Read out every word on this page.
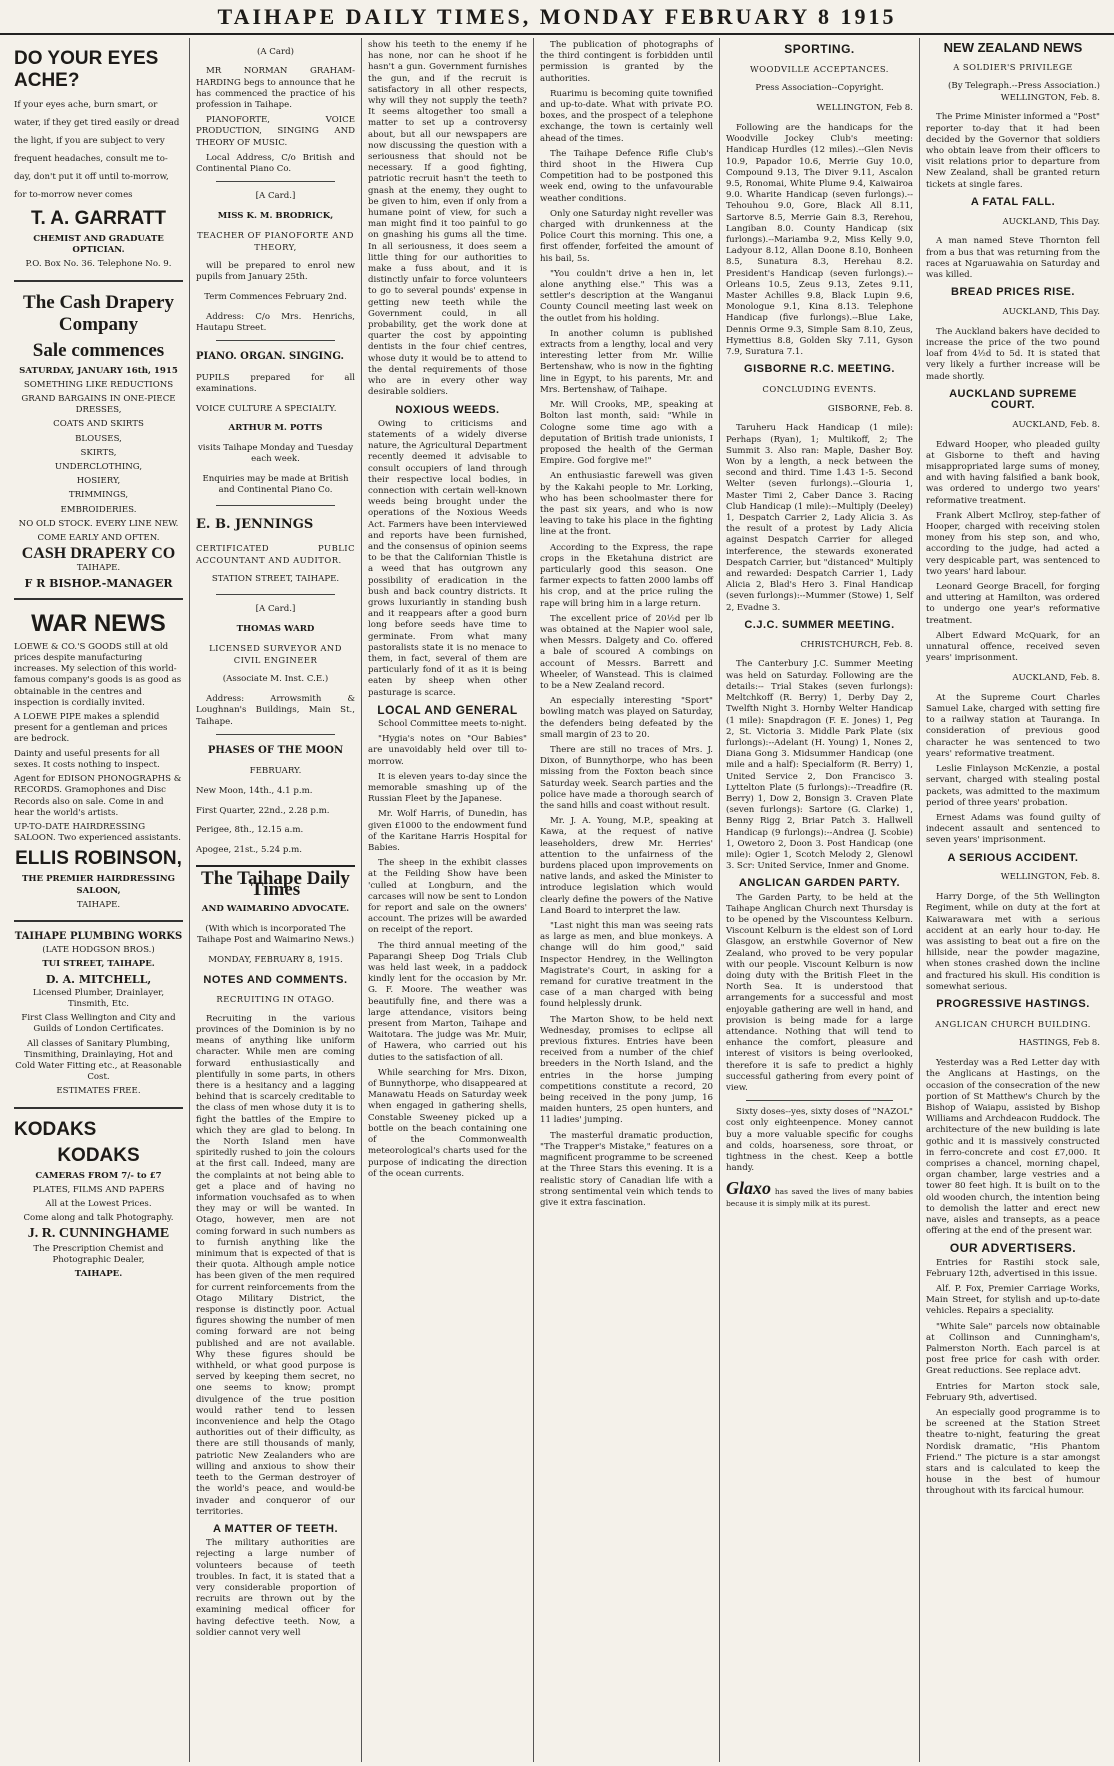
TAIHAPE DAILY TIMES, MONDAY FEBRUARY 8 1915
DO YOUR EYES ACHE?

If your eyes ache, burn smart, or water, if they get tired easily or dread the light, if you are subject to very frequent headaches, consult me to-day, don't put it off until to-morrow, for to-morrow never comes

T. A. GARRATT

CHEMIST AND GRADUATE OPTICIAN.

P.O. Box No. 36. Telephone No. 9.

The Cash Drapery Company
Sale commences

SATURDAY, JANUARY 16th, 1915

SOMETHING LIKE REDUCTIONS

GRAND BARGAINS IN ONE-PIECE DRESSES,

COATS AND SKIRTS

BLOUSES,

SKIRTS,

UNDERCLOTHING,

HOSIERY,

TRIMMINGS,

EMBROIDERIES.

NO OLD STOCK. EVERY LINE NEW.

COME EARLY AND OFTEN.

CASH DRAPERY CO

TAIHAPE.

F R BISHOP.-MANAGER

WAR NEWS

LOEWE & CO.'S GOODS still at old prices despite manufacturing increases. My selection of this world-famous company's goods is as good as obtainable in the centres and inspection is cordially invited.

A LOEWE PIPE makes a splendid present for a gentleman and prices are bedrock.

Dainty and useful presents for all sexes. It costs nothing to inspect.

Agent for EDISON PHONOGRAPHS & RECORDS. Gramophones and Disc Records also on sale. Come in and hear the world's artists.

UP-TO-DATE HAIRDRESSING SALOON. Two experienced assistants.

ELLIS ROBINSON,

THE PREMIER HAIRDRESSING SALOON,

TAIHAPE.

TAIHAPE PLUMBING WORKS

(LATE HODGSON BROS.)

TUI STREET, TAIHAPE.

D. A. MITCHELL,

Licensed Plumber, Drainlayer, Tinsmith, Etc.

First Class Wellington and City and Guilds of London Certificates.

All classes of Sanitary Plumbing, Tinsmithing, Drainlaying, Hot and Cold Water Fitting etc., at Reasonable Cost.

ESTIMATES FREE.

KODAKS
KODAKS

CAMERAS FROM 7/- to £7

PLATES, FILMS AND PAPERS

All at the Lowest Prices.

Come along and talk Photography.

J. R. CUNNINGHAME

The Prescription Chemist and Photographic Dealer,

TAIHAPE.

(A Card)

MR NORMAN GRAHAM-HARDING begs to announce that he has commenced the practice of his profession in Taihape.

PIANOFORTE, VOICE PRODUCTION, SINGING AND THEORY OF MUSIC.

Local Address, C/o British and Continental Piano Co.

[A Card.]

MISS K. M. BRODRICK,

TEACHER OF PIANOFORTE AND THEORY,

will be prepared to enrol new pupils from January 25th.

Term Commences February 2nd.

Address: C/o Mrs. Henrichs, Hautapu Street.

PIANO. ORGAN. SINGING.

PUPILS prepared for all examinations.

VOICE CULTURE A SPECIALTY.

ARTHUR M. POTTS

visits Taihape Monday and Tuesday each week.

Enquiries may be made at British and Continental Piano Co.

E. B. JENNINGS

CERTIFICATED PUBLIC ACCOUNTANT AND AUDITOR.

STATION STREET, TAIHAPE.

[A Card.]

THOMAS WARD

LICENSED SURVEYOR AND CIVIL ENGINEER

(Associate M. Inst. C.E.)

Address: Arrowsmith & Loughnan's Buildings, Main St., Taihape.

PHASES OF THE MOON

FEBRUARY.

New Moon, 14th., 4.1 p.m.

First Quarter, 22nd., 2.28 p.m.

Perigee, 8th., 12.15 a.m.

Apogee, 21st., 5.24 p.m.

The Taihape Daily Times

AND WAIMARINO ADVOCATE.

(With which is incorporated The Taihape Post and Waimarino News.)

MONDAY, FEBRUARY 8, 1915.

NOTES AND COMMENTS.

RECRUITING IN OTAGO.

Recruiting in the various provinces of the Dominion is by no means of anything like uniform character. While men are coming forward enthusiastically and plentifully in some parts, in others there is a hesitancy and a lagging behind that is scarcely creditable to the class of men whose duty it is to fight the battles of the Empire to which they are glad to belong. In the North Island men have spiritedly rushed to join the colours at the first call. Indeed, many are the complaints at not being able to get a place and of having no information vouchsafed as to when they may or will be wanted. In Otago, however, men are not coming forward in such numbers as to furnish anything like the minimum that is expected of that is their quota. Although ample notice has been given of the men required for current reinforcements from the Otago Military District, the response is distinctly poor. Actual figures showing the number of men coming forward are not being published and are not available. Why these figures should be withheld, or what good purpose is served by keeping them secret, no one seems to know; prompt divulgence of the true position would rather tend to lessen inconvenience and help the Otago authorities out of their difficulty, as there are still thousands of manly, patriotic New Zealanders who are willing and anxious to show their teeth to the German destroyer of the world's peace, and would-be invader and conqueror of our territories.

A MATTER OF TEETH.

The military authorities are rejecting a large number of volunteers because of teeth troubles. In fact, it is stated that a very considerable proportion of recruits are thrown out by the examining medical officer for having defective teeth. Now, a soldier cannot very well

show his teeth to the enemy if he has none, nor can he shoot if he hasn't a gun. Government furnishes the gun, and if the recruit is satisfactory in all other respects, why will they not supply the teeth? It seems altogether too small a matter to set up a controversy about, but all our newspapers are now discussing the question with a seriousness that should not be necessary. If a good fighting, patriotic recruit hasn't the teeth to gnash at the enemy, they ought to be given to him, even if only from a humane point of view, for such a man might find it too painful to go on gnashing his gums all the time. In all seriousness, it does seem a little thing for our authorities to make a fuss about, and it is distinctly unfair to force volunteers to go to several pounds' expense in getting new teeth while the Government could, in all probability, get the work done at quarter the cost by appointing dentists in the four chief centres, whose duty it would be to attend to the dental requirements of those who are in every other way desirable soldiers.

NOXIOUS WEEDS.

Owing to criticisms and statements of a widely diverse nature, the Agricultural Department recently deemed it advisable to consult occupiers of land through their respective local bodies, in connection with certain well-known weeds being brought under the operations of the Noxious Weeds Act. Farmers have been interviewed and reports have been furnished, and the consensus of opinion seems to be that the Californian Thistle is a weed that has outgrown any possibility of eradication in the bush and back country districts. It grows luxuriantly in standing bush and it reappears after a good burn long before seeds have time to germinate. From what many pastoralists state it is no menace to them, in fact, several of them are particularly fond of it as it is being eaten by sheep when other pasturage is scarce.

LOCAL AND GENERAL

School Committee meets to-night.

"Hygia's notes on "Our Babies" are unavoidably held over till to-morrow.

It is eleven years to-day since the memorable smashing up of the Russian Fleet by the Japanese.

Mr. Wolf Harris, of Dunedin, has given £1000 to the endowment fund of the Karitane Harris Hospital for Babies.

The sheep in the exhibit classes at the Feilding Show have been 'culled at Longburn, and the carcases will now be sent to London for report and sale on the owners' account. The prizes will be awarded on receipt of the report.

The third annual meeting of the Paparangi Sheep Dog Trials Club was held last week, in a paddock kindly lent for the occasion by Mr. G. F. Moore. The weather was beautifully fine, and there was a large attendance, visitors being present from Marton, Taihape and Waitotara. The judge was Mr. Muir, of Hawera, who carried out his duties to the satisfaction of all.

While searching for Mrs. Dixon, of Bunnythorpe, who disappeared at Manawatu Heads on Saturday week when engaged in gathering shells, Constable Sweeney picked up a bottle on the beach containing one of the Commonwealth meteorological's charts used for the purpose of indicating the direction of the ocean currents.

The publication of photographs of the third contingent is forbidden until permission is granted by the authorities.

Ruarimu is becoming quite townified and up-to-date. What with private P.O. boxes, and the prospect of a telephone exchange, the town is certainly well ahead of the times.

The Taihape Defence Rifle Club's third shoot in the Hiwera Cup Competition had to be postponed this week end, owing to the unfavourable weather conditions.

Only one Saturday night reveller was charged with drunkenness at the Police Court this morning. This one, a first offender, forfeited the amount of his bail, 5s.

"You couldn't drive a hen in, let alone anything else." This was a settler's description at the Wanganui County Council meeting last week on the outlet from his holding.

In another column is published extracts from a lengthy, local and very interesting letter from Mr. Willie Bertenshaw, who is now in the fighting line in Egypt, to his parents, Mr. and Mrs. Bertenshaw, of Taihape.

Mr. Will Crooks, MP., speaking at Bolton last month, said: "While in Cologne some time ago with a deputation of British trade unionists, I proposed the health of the German Empire. God forgive me!"

An enthusiastic farewell was given by the Kakahi people to Mr. Lorking, who has been schoolmaster there for the past six years, and who is now leaving to take his place in the fighting line at the front.

According to the Express, the rape crops in the Eketahuna district are particularly good this season. One farmer expects to fatten 2000 lambs off his crop, and at the price ruling the rape will bring him in a large return.

The excellent price of 20½d per lb was obtained at the Napier wool sale, when Messrs. Dalgety and Co. offered a bale of scoured A combings on account of Messrs. Barrett and Wheeler, of Wanstead. This is claimed to be a New Zealand record.

An especially interesting "Sport" bowling match was played on Saturday, the defenders being defeated by the small margin of 23 to 20.

There are still no traces of Mrs. J. Dixon, of Bunnythorpe, who has been missing from the Foxton beach since Saturday week. Search parties and the police have made a thorough search of the sand hills and coast without result.

Mr. J. A. Young, M.P., speaking at Kawa, at the request of native leaseholders, drew Mr. Herries' attention to the unfairness of the burdens placed upon improvements on native lands, and asked the Minister to introduce legislation which would clearly define the powers of the Native Land Board to interpret the law.

"Last night this man was seeing rats as large as men, and blue monkeys. A change will do him good," said Inspector Hendrey, in the Wellington Magistrate's Court, in asking for a remand for curative treatment in the case of a man charged with being found helplessly drunk.

The Marton Show, to be held next Wednesday, promises to eclipse all previous fixtures. Entries have been received from a number of the chief breeders in the North Island, and the entries in the horse jumping competitions constitute a record, 20 being received in the pony jump, 16 maiden hunters, 25 open hunters, and 11 ladies' jumping.

The masterful dramatic production, "The Trapper's Mistake," features on a magnificent programme to be screened at the Three Stars this evening. It is a realistic story of Canadian life with a strong sentimental vein which tends to give it extra fascination.

SPORTING.

WOODVILLE ACCEPTANCES.

Press Association--Copyright.

WELLINGTON, Feb 8.

Following are the handicaps for the Woodville Jockey Club's meeting: Handicap Hurdles (12 miles).--Glen Nevis 10.9, Papador 10.6, Merrie Guy 10.0, Compound 9.13, The Diver 9.11, Ascalon 9.5, Ronomai, White Plume 9.4, Kaiwairoa 9.0. Wharite Handicap (seven furlongs).--Tehouhou 9.0, Gore, Black All 8.11, Sartorve 8.5, Merrie Gain 8.3, Rerehou, Langiban 8.0. County Handicap (six furlongs).--Mariamba 9.2, Miss Kelly 9.0, Ladyour 8.12, Allan Doone 8.10, Bonheen 8.5, Sunatura 8.3, Herehau 8.2. President's Handicap (seven furlongs).--Orleans 10.5, Zeus 9.13, Zetes 9.11, Master Achilles 9.8, Black Lupin 9.6, Monologue 9.1, Kina 8.13. Telephone Handicap (five furlongs).--Blue Lake, Dennis Orme 9.3, Simple Sam 8.10, Zeus, Hymettius 8.8, Golden Sky 7.11, Gyson 7.9, Suratura 7.1.

GISBORNE R.C. MEETING.

CONCLUDING EVENTS.

GISBORNE, Feb. 8.

Taruheru Hack Handicap (1 mile): Perhaps (Ryan), 1; Multikoff, 2; The Summit 3. Also ran: Maple, Dasher Boy. Won by a length, a neck between the second and third. Time 1.43 1-5. Second Welter (seven furlongs).--Glouria 1, Master Timi 2, Caber Dance 3. Racing Club Handicap (1 mile):--Multiply (Deeley) 1, Despatch Carrier 2, Lady Alicia 3. As the result of a protest by Lady Alicia against Despatch Carrier for alleged interference, the stewards exonerated Despatch Carrier, but "distanced" Multiply and rewarded: Despatch Carrier 1, Lady Alicia 2, Blad's Hero 3. Final Handicap (seven furlongs):--Mummer (Stowe) 1, Self 2, Evadne 3.

C.J.C. SUMMER MEETING.

CHRISTCHURCH, Feb. 8.

The Canterbury J.C. Summer Meeting was held on Saturday. Following are the details:-- Trial Stakes (seven furlongs): Meltchkoff (R. Berry) 1, Derby Day 2, Twelfth Night 3. Hornby Welter Handicap (1 mile): Snapdragon (F. E. Jones) 1, Peg 2, St. Victoria 3. Middle Park Plate (six furlongs):--Adelant (H. Young) 1, Nones 2, Diana Gong 3. Midsummer Handicap (one mile and a half): Specialform (R. Berry) 1, United Service 2, Don Francisco 3. Lyttelton Plate (5 furlongs):--Treadfire (R. Berry) 1, Dow 2, Bonsign 3. Craven Plate (seven furlongs): Sartore (G. Clarke) 1, Benny Rigg 2, Briar Patch 3. Hallwell Handicap (9 furlongs):--Andrea (J. Scobie) 1, Owetoro 2, Doon 3. Post Handicap (one mile): Ogier 1, Scotch Melody 2, Glenowl 3. Scr: United Service, Inmer and Gnome.

ANGLICAN GARDEN PARTY.

The Garden Party, to be held at the Taihape Anglican Church next Thursday is to be opened by the Viscountess Kelburn. Viscount Kelburn is the eldest son of Lord Glasgow, an erstwhile Governor of New Zealand, who proved to be very popular with our people. Viscount Kelburn is now doing duty with the British Fleet in the North Sea. It is understood that arrangements for a successful and most enjoyable gathering are well in hand, and provision is being made for a large attendance. Nothing that will tend to enhance the comfort, pleasure and interest of visitors is being overlooked, therefore it is safe to predict a highly successful gathering from every point of view.

Sixty doses--yes, sixty doses of "NAZOL" cost only eighteenpence. Money cannot buy a more valuable specific for coughs and colds, hoarseness, sore throat, or tightness in the chest. Keep a bottle handy.

Glaxo has saved the lives of many babies because it is simply milk at its purest.

NEW ZEALAND NEWS

A SOLDIER'S PRIVILEGE

(By Telegraph.--Press Association.) WELLINGTON, Feb. 8.

The Prime Minister informed a "Post" reporter to-day that it had been decided by the Governor that soldiers who obtain leave from their officers to visit relations prior to departure from New Zealand, shall be granted return tickets at single fares.

A FATAL FALL.

AUCKLAND, This Day.

A man named Steve Thornton fell from a bus that was returning from the races at Ngaruawahia on Saturday and was killed.

BREAD PRICES RISE.

AUCKLAND, This Day.

The Auckland bakers have decided to increase the price of the two pound loaf from 4½d to 5d. It is stated that very likely a further increase will be made shortly.

AUCKLAND SUPREME COURT.

AUCKLAND, Feb. 8.

Edward Hooper, who pleaded guilty at Gisborne to theft and having misappropriated large sums of money, and with having falsified a bank book, was ordered to undergo two years' reformative treatment.

Frank Albert McIlroy, step-father of Hooper, charged with receiving stolen money from his step son, and who, according to the judge, had acted a very despicable part, was sentenced to two years' hard labour.

Leonard George Bracell, for forging and uttering at Hamilton, was ordered to undergo one year's reformative treatment.

Albert Edward McQuark, for an unnatural offence, received seven years' imprisonment.

AUCKLAND, Feb. 8.

At the Supreme Court Charles Samuel Lake, charged with setting fire to a railway station at Tauranga. In consideration of previous good character he was sentenced to two years' reformative treatment.

Leslie Finlayson McKenzie, a postal servant, charged with stealing postal packets, was admitted to the maximum period of three years' probation.

Ernest Adams was found guilty of indecent assault and sentenced to seven years' imprisonment.

A SERIOUS ACCIDENT.

WELLINGTON, Feb. 8.

Harry Dorge, of the 5th Wellington Regiment, while on duty at the fort at Kaiwarawara met with a serious accident at an early hour to-day. He was assisting to beat out a fire on the hillside, near the powder magazine, when stones crashed down the incline and fractured his skull. His condition is somewhat serious.

PROGRESSIVE HASTINGS.

ANGLICAN CHURCH BUILDING.

HASTINGS, Feb 8.

Yesterday was a Red Letter day with the Anglicans at Hastings, on the occasion of the consecration of the new portion of St Matthew's Church by the Bishop of Waiapu, assisted by Bishop Williams and Archdeacon Ruddock. The architecture of the new building is late gothic and it is massively constructed in ferro-concrete and cost £7,000. It comprises a chancel, morning chapel, organ chamber, large vestries and a tower 80 feet high. It is built on to the old wooden church, the intention being to demolish the latter and erect new nave, aisles and transepts, as a peace offering at the end of the present war.

OUR ADVERTISERS.

Entries for Rastihi stock sale, February 12th, advertised in this issue.

Alf. P. Fox, Premier Carriage Works, Main Street, for stylish and up-to-date vehicles. Repairs a speciality.

"White Sale" parcels now obtainable at Collinson and Cunningham's, Palmerston North. Each parcel is at post free price for cash with order. Great reductions. See replace advt.

Entries for Marton stock sale, February 9th, advertised.

An especially good programme is to be screened at the Station Street theatre to-night, featuring the great Nordisk dramatic, "His Phantom Friend." The picture is a star amongst stars and is calculated to keep the house in the best of humour throughout with its farcical humour.
